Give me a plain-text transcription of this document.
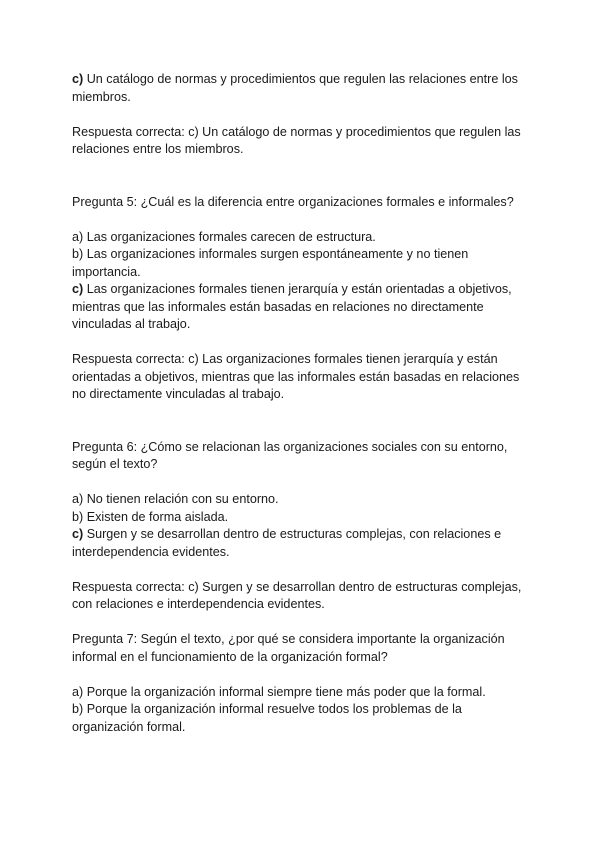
c) Un catálogo de normas y procedimientos que regulen las relaciones entre los miembros.

Respuesta correcta: c) Un catálogo de normas y procedimientos que regulen las relaciones entre los miembros.

Pregunta 5: ¿Cuál es la diferencia entre organizaciones formales e informales?

a) Las organizaciones formales carecen de estructura.

b) Las organizaciones informales surgen espontáneamente y no tienen importancia.

c) Las organizaciones formales tienen jerarquía y están orientadas a objetivos, mientras que las informales están basadas en relaciones no directamente vinculadas al trabajo.

Respuesta correcta: c) Las organizaciones formales tienen jerarquía y están orientadas a objetivos, mientras que las informales están basadas en relaciones no directamente vinculadas al trabajo.

Pregunta 6: ¿Cómo se relacionan las organizaciones sociales con su entorno, según el texto?

a) No tienen relación con su entorno.

b) Existen de forma aislada.

c) Surgen y se desarrollan dentro de estructuras complejas, con relaciones e interdependencia evidentes.

Respuesta correcta: c) Surgen y se desarrollan dentro de estructuras complejas, con relaciones e interdependencia evidentes.

Pregunta 7: Según el texto, ¿por qué se considera importante la organización informal en el funcionamiento de la organización formal?

a) Porque la organización informal siempre tiene más poder que la formal.

b) Porque la organización informal resuelve todos los problemas de la organización formal.
